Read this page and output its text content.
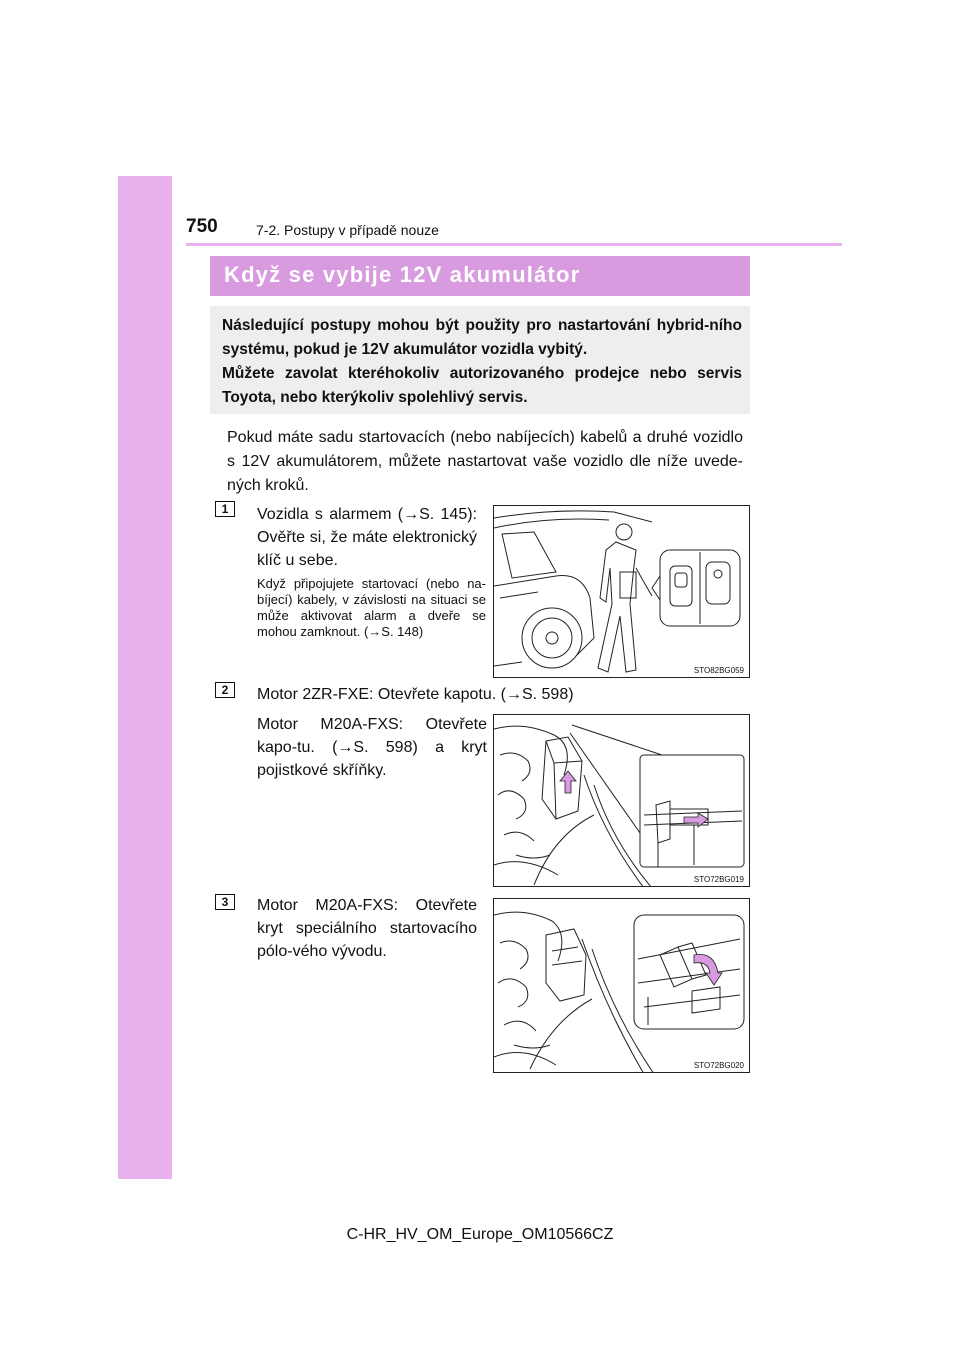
750	7-2. Postupy v případě nouze
Když se vybije 12V akumulátor

Následující postupy mohou být použity pro nastartování hybrid-ního systému, pokud je 12V akumulátor vozidla vybitý.

Můžete zavolat kteréhokoliv autorizovaného prodejce nebo servis Toyota, nebo kterýkoliv spolehlivý servis.

Pokud máte sadu startovacích (nebo nabíjecích) kabelů a druhé vozidlo s 12V akumulátorem, můžete nastartovat vaše vozidlo dle níže uvede-ných kroků.

1	Vozidla s alarmem (→S. 145): Ověřte si, že máte elektronický klíč u sebe.

Když připojujete startovací (nebo na-bíjecí) kabely, v závislosti na situaci se může aktivovat alarm a dveře se mohou zamknout. (→S. 148)

STO82BG059
2	Motor 2ZR-FXE: Otevřete kapotu. (→S. 598)

Motor M20A-FXS: Otevřete kapo-tu. (→S. 598) a kryt pojistkové skříňky.

STO72BG019
3	Motor M20A-FXS: Otevřete kryt speciálního startovacího pólo-vého vývodu.

STO72BG020
C-HR_HV_OM_Europe_OM10566CZ
